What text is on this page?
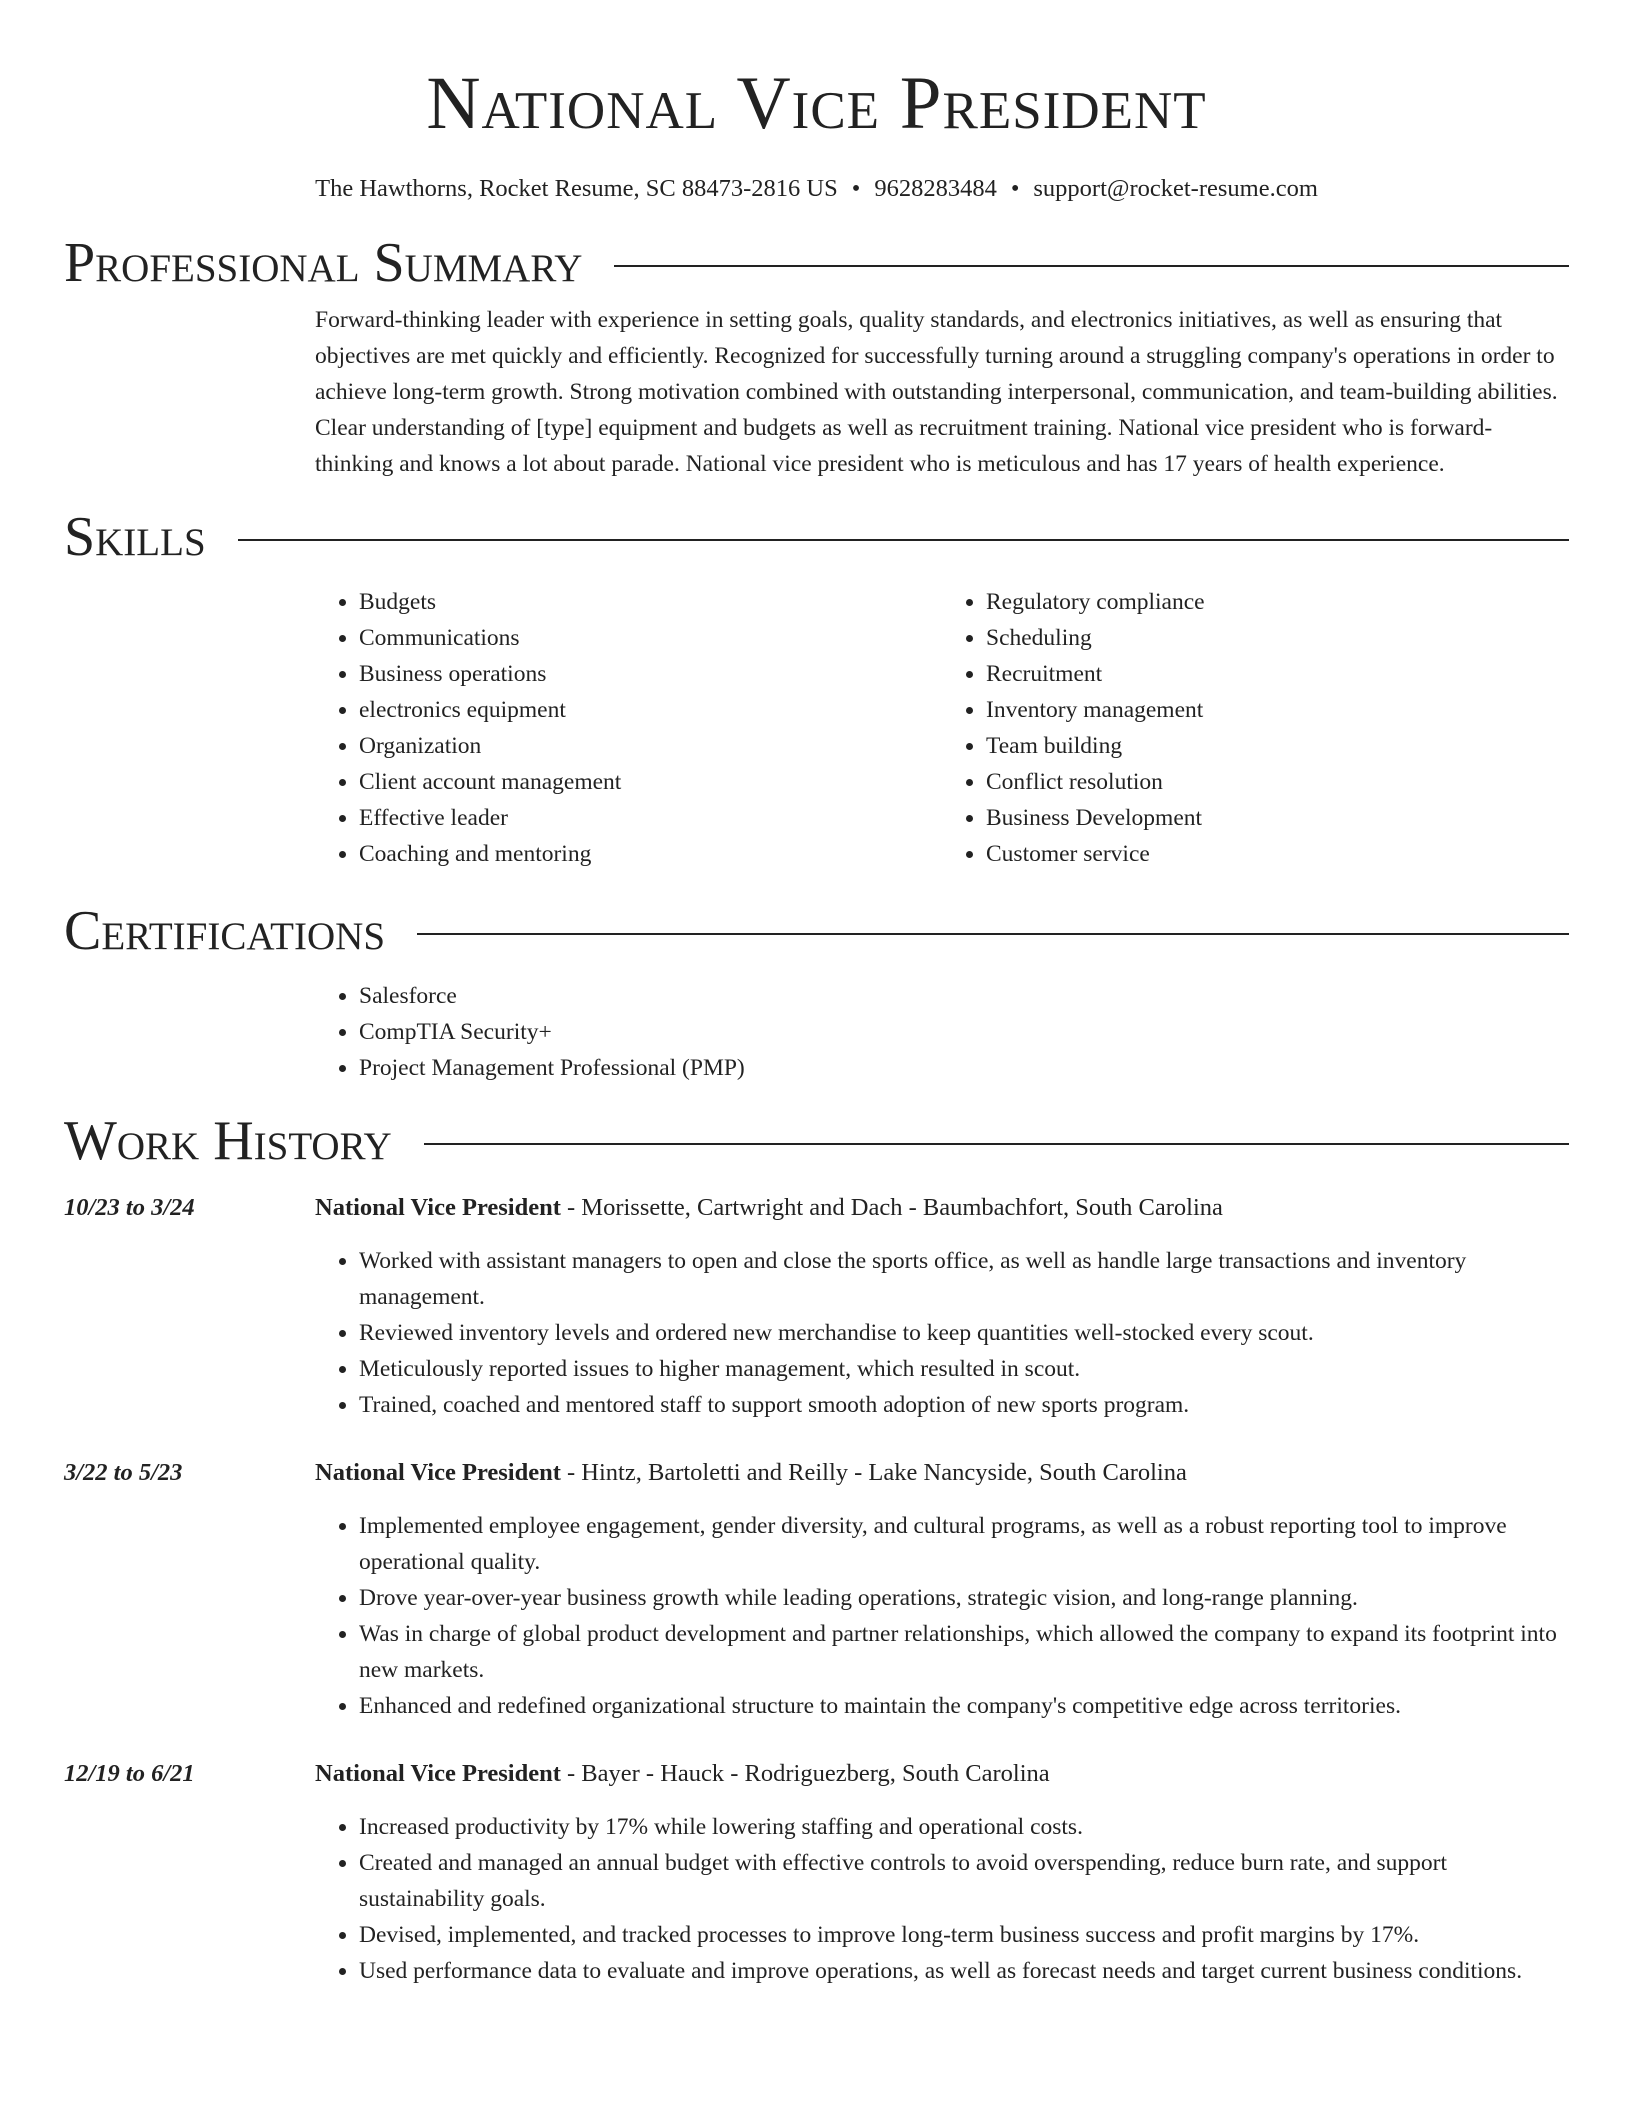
National Vice President
The Hawthorns, Rocket Resume, SC 88473-2816 US • 9628283484 • support@rocket-resume.com
Professional Summary

Forward-thinking leader with experience in setting goals, quality standards, and electronics initiatives, as well as ensuring that objectives are met quickly and efficiently. Recognized for successfully turning around a struggling company's operations in order to achieve long-term growth. Strong motivation combined with outstanding interpersonal, communication, and team-building abilities. Clear understanding of [type] equipment and budgets as well as recruitment training. National vice president who is forward-thinking and knows a lot about parade. National vice president who is meticulous and has 17 years of health experience.

Skills
• Budgets
• Communications
• Business operations
• electronics equipment
• Organization
• Client account management
• Effective leader
• Coaching and mentoring
• Regulatory compliance
• Scheduling
• Recruitment
• Inventory management
• Team building
• Conflict resolution
• Business Development
• Customer service
Certifications
• Salesforce
• CompTIA Security+
• Project Management Professional (PMP)
Work History
10/23 to 3/24	National Vice President - Morissette, Cartwright and Dach - Baumbachfort, South Carolina
• Worked with assistant managers to open and close the sports office, as well as handle large transactions and inventory management.
• Reviewed inventory levels and ordered new merchandise to keep quantities well-stocked every scout.
• Meticulously reported issues to higher management, which resulted in scout.
• Trained, coached and mentored staff to support smooth adoption of new sports program.
3/22 to 5/23	National Vice President - Hintz, Bartoletti and Reilly - Lake Nancyside, South Carolina
• Implemented employee engagement, gender diversity, and cultural programs, as well as a robust reporting tool to improve operational quality.
• Drove year-over-year business growth while leading operations, strategic vision, and long-range planning.
• Was in charge of global product development and partner relationships, which allowed the company to expand its footprint into new markets.
• Enhanced and redefined organizational structure to maintain the company's competitive edge across territories.
12/19 to 6/21	National Vice President - Bayer - Hauck - Rodriguezberg, South Carolina
• Increased productivity by 17% while lowering staffing and operational costs.
• Created and managed an annual budget with effective controls to avoid overspending, reduce burn rate, and support sustainability goals.
• Devised, implemented, and tracked processes to improve long-term business success and profit margins by 17%.
• Used performance data to evaluate and improve operations, as well as forecast needs and target current business conditions.
